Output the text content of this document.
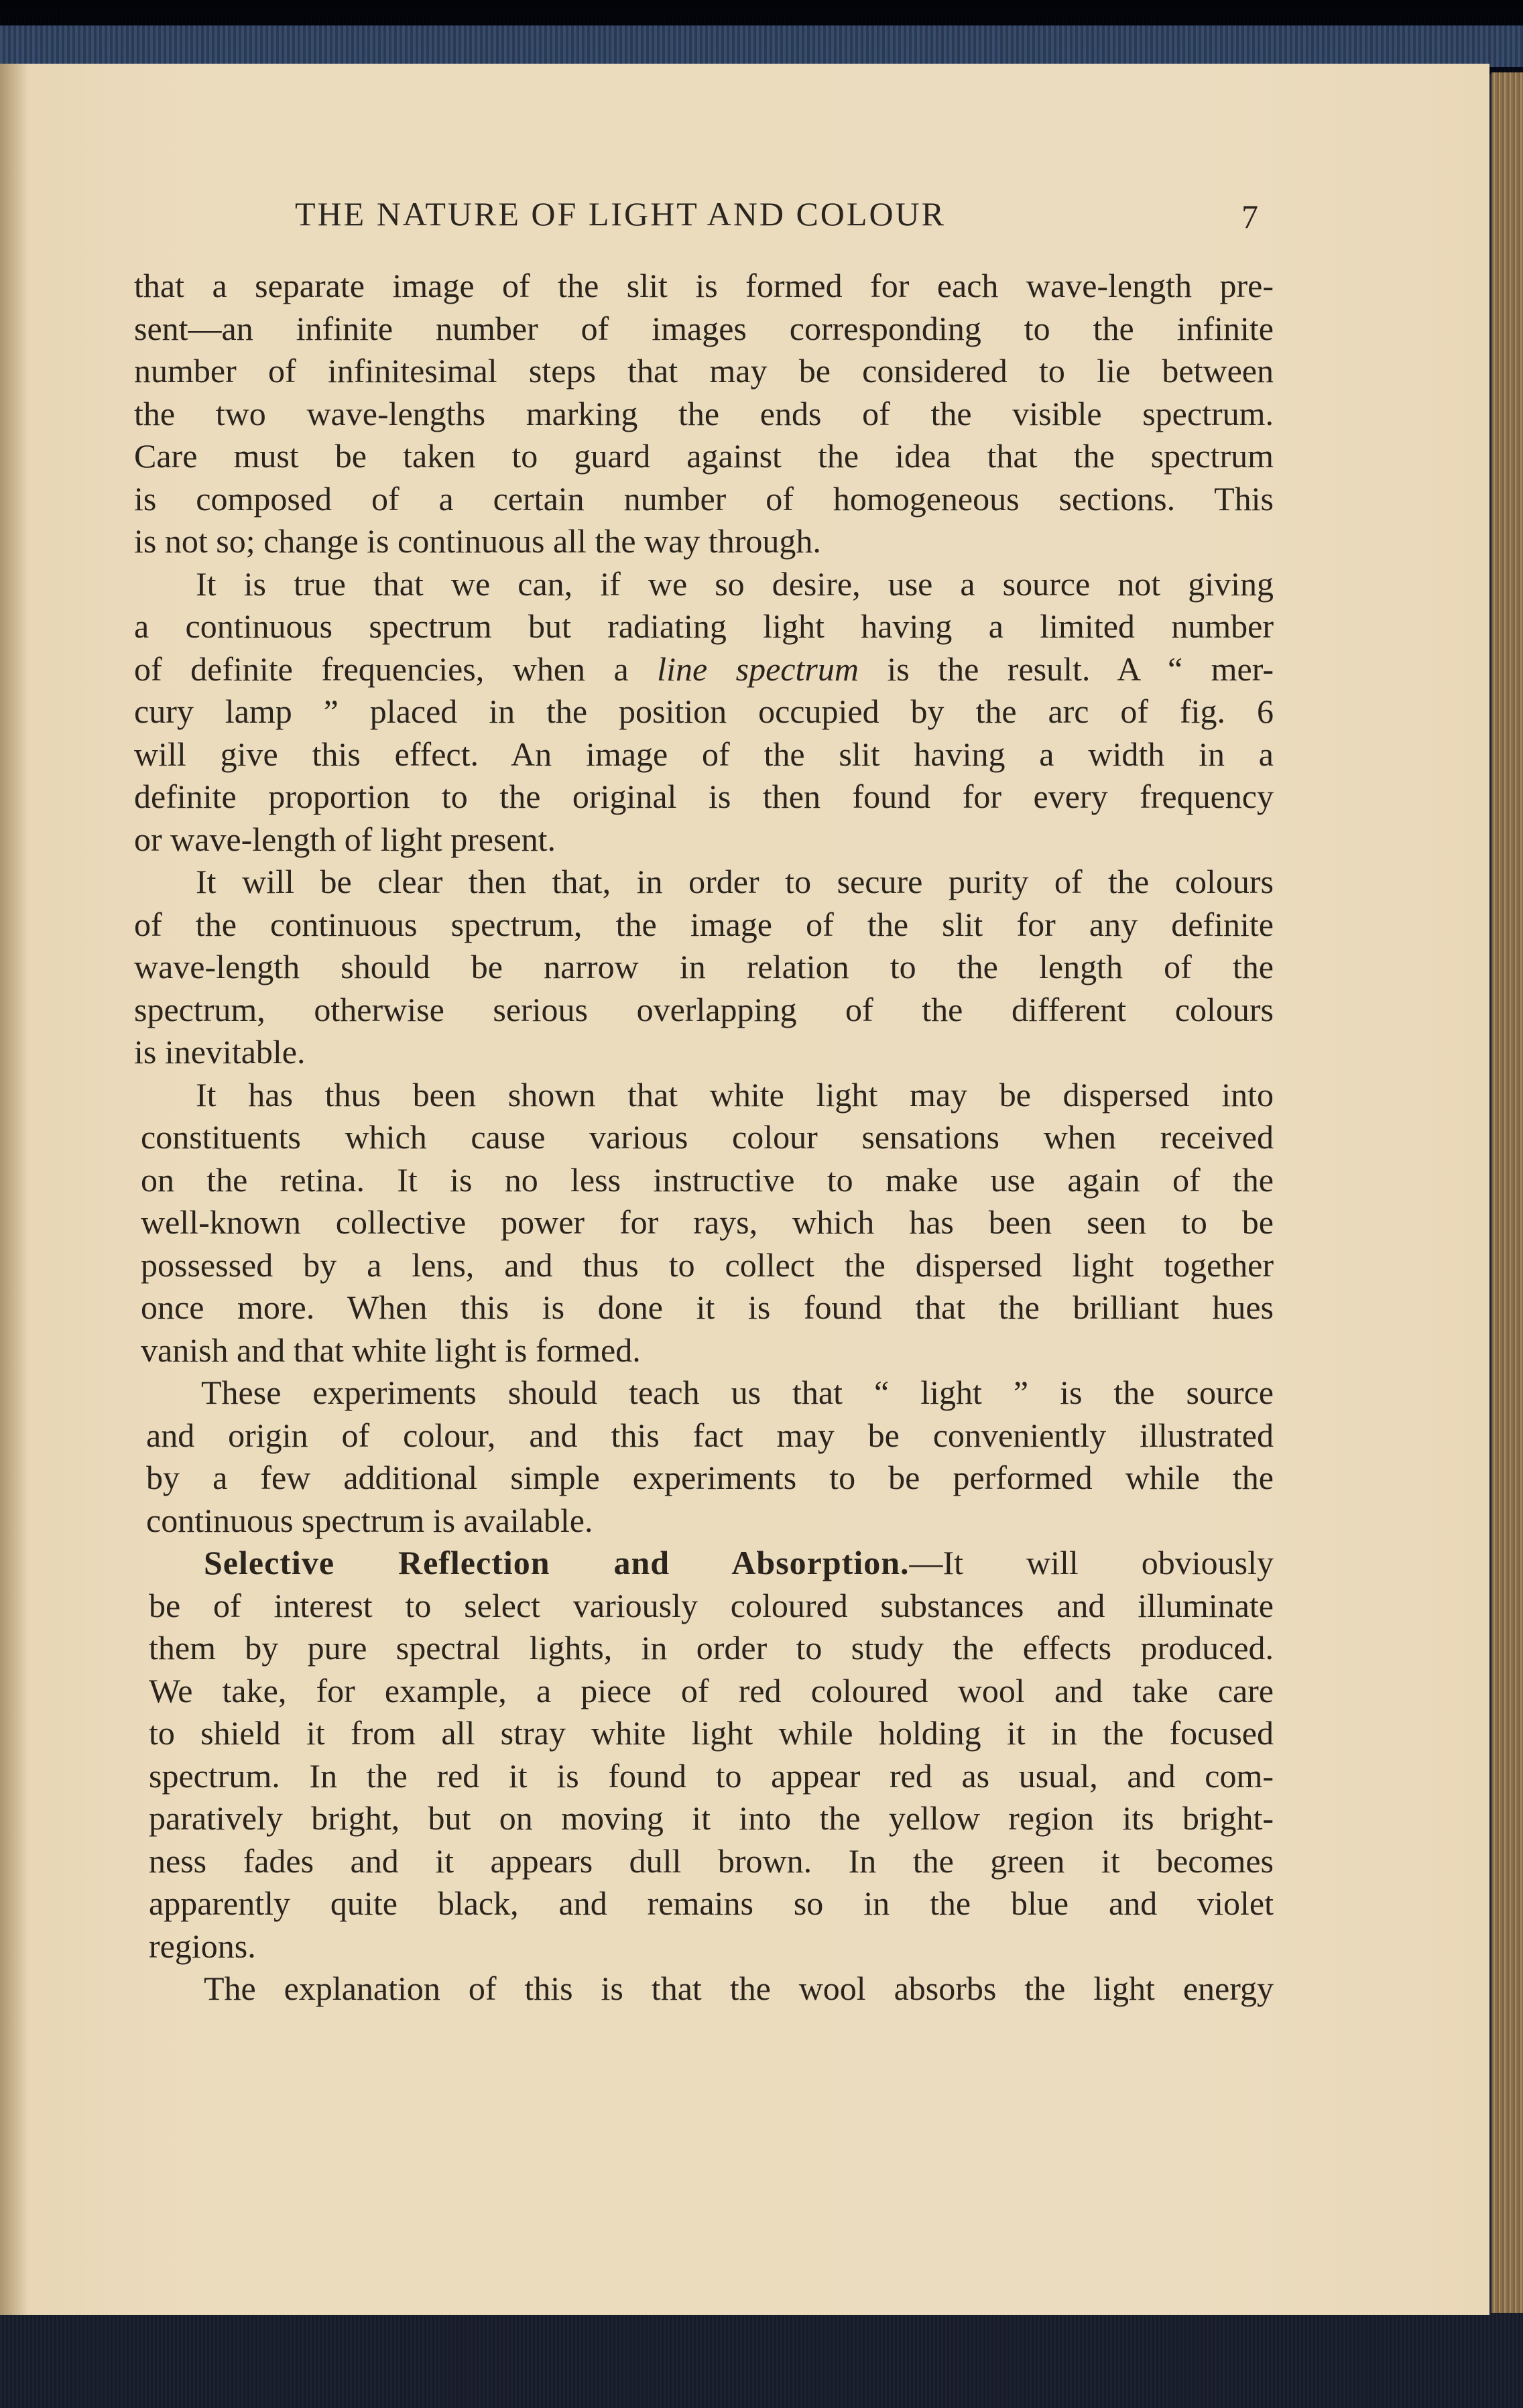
THE NATURE OF LIGHT AND COLOUR	7

that a separate image of the slit is formed for each wave-length pre-
sent—an infinite number of images corresponding to the infinite
number of infinitesimal steps that may be considered to lie between
the two wave-lengths marking the ends of the visible spectrum.
Care must be taken to guard against the idea that the spectrum
is composed of a certain number of homogeneous sections. This
is not so; change is continuous all the way through.

It is true that we can, if we so desire, use a source not giving
a continuous spectrum but radiating light having a limited number
of definite frequencies, when a line spectrum is the result. A “ mer-
cury lamp ” placed in the position occupied by the arc of fig. 6
will give this effect. An image of the slit having a width in a
definite proportion to the original is then found for every frequency
or wave-length of light present.

It will be clear then that, in order to secure purity of the colours
of the continuous spectrum, the image of the slit for any definite
wave-length should be narrow in relation to the length of the
spectrum, otherwise serious overlapping of the different colours
is inevitable.

It has thus been shown that white light may be dispersed into
constituents which cause various colour sensations when received
on the retina. It is no less instructive to make use again of the
well-known collective power for rays, which has been seen to be
possessed by a lens, and thus to collect the dispersed light together
once more. When this is done it is found that the brilliant hues
vanish and that white light is formed.

These experiments should teach us that “ light ” is the source
and origin of colour, and this fact may be conveniently illustrated
by a few additional simple experiments to be performed while the
continuous spectrum is available.

Selective Reflection and Absorption.—It will obviously
be of interest to select variously coloured substances and illuminate
them by pure spectral lights, in order to study the effects produced.
We take, for example, a piece of red coloured wool and take care
to shield it from all stray white light while holding it in the focused
spectrum. In the red it is found to appear red as usual, and com-
paratively bright, but on moving it into the yellow region its bright-
ness fades and it appears dull brown. In the green it becomes
apparently quite black, and remains so in the blue and violet
regions.

The explanation of this is that the wool absorbs the light energy
